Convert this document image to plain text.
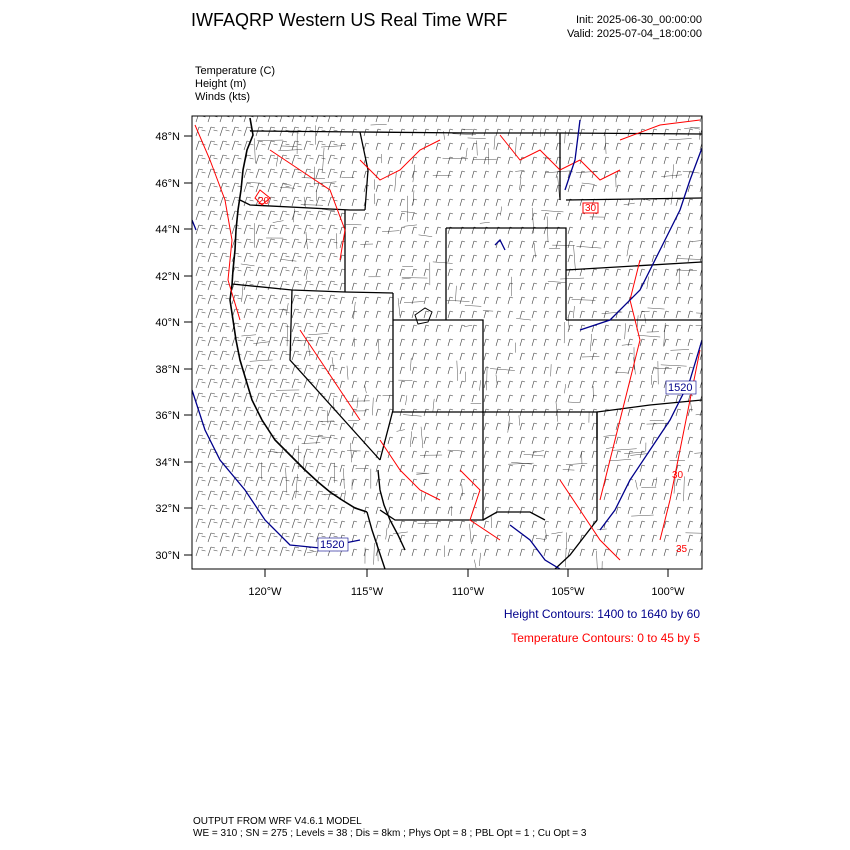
IWFAQRP Western US Real Time WRF	Init: 2025-06-30_00:00:00
Valid: 2025-07-04_18:00:00
Temperature (C)
Height (m)
Winds (kts)
1520
1520
20
30
30
35
48°N
46°N
44°N
42°N
40°N
38°N
36°N
34°N
32°N
30°N
120°W	115°W	110°W	105°W	100°W
Height Contours: 1400 to 1640 by 60
Temperature Contours: 0 to 45 by 5
OUTPUT FROM WRF V4.6.1 MODEL
WE = 310 ; SN = 275 ; Levels = 38 ; Dis = 8km ; Phys Opt = 8 ; PBL Opt = 1 ; Cu Opt = 3
